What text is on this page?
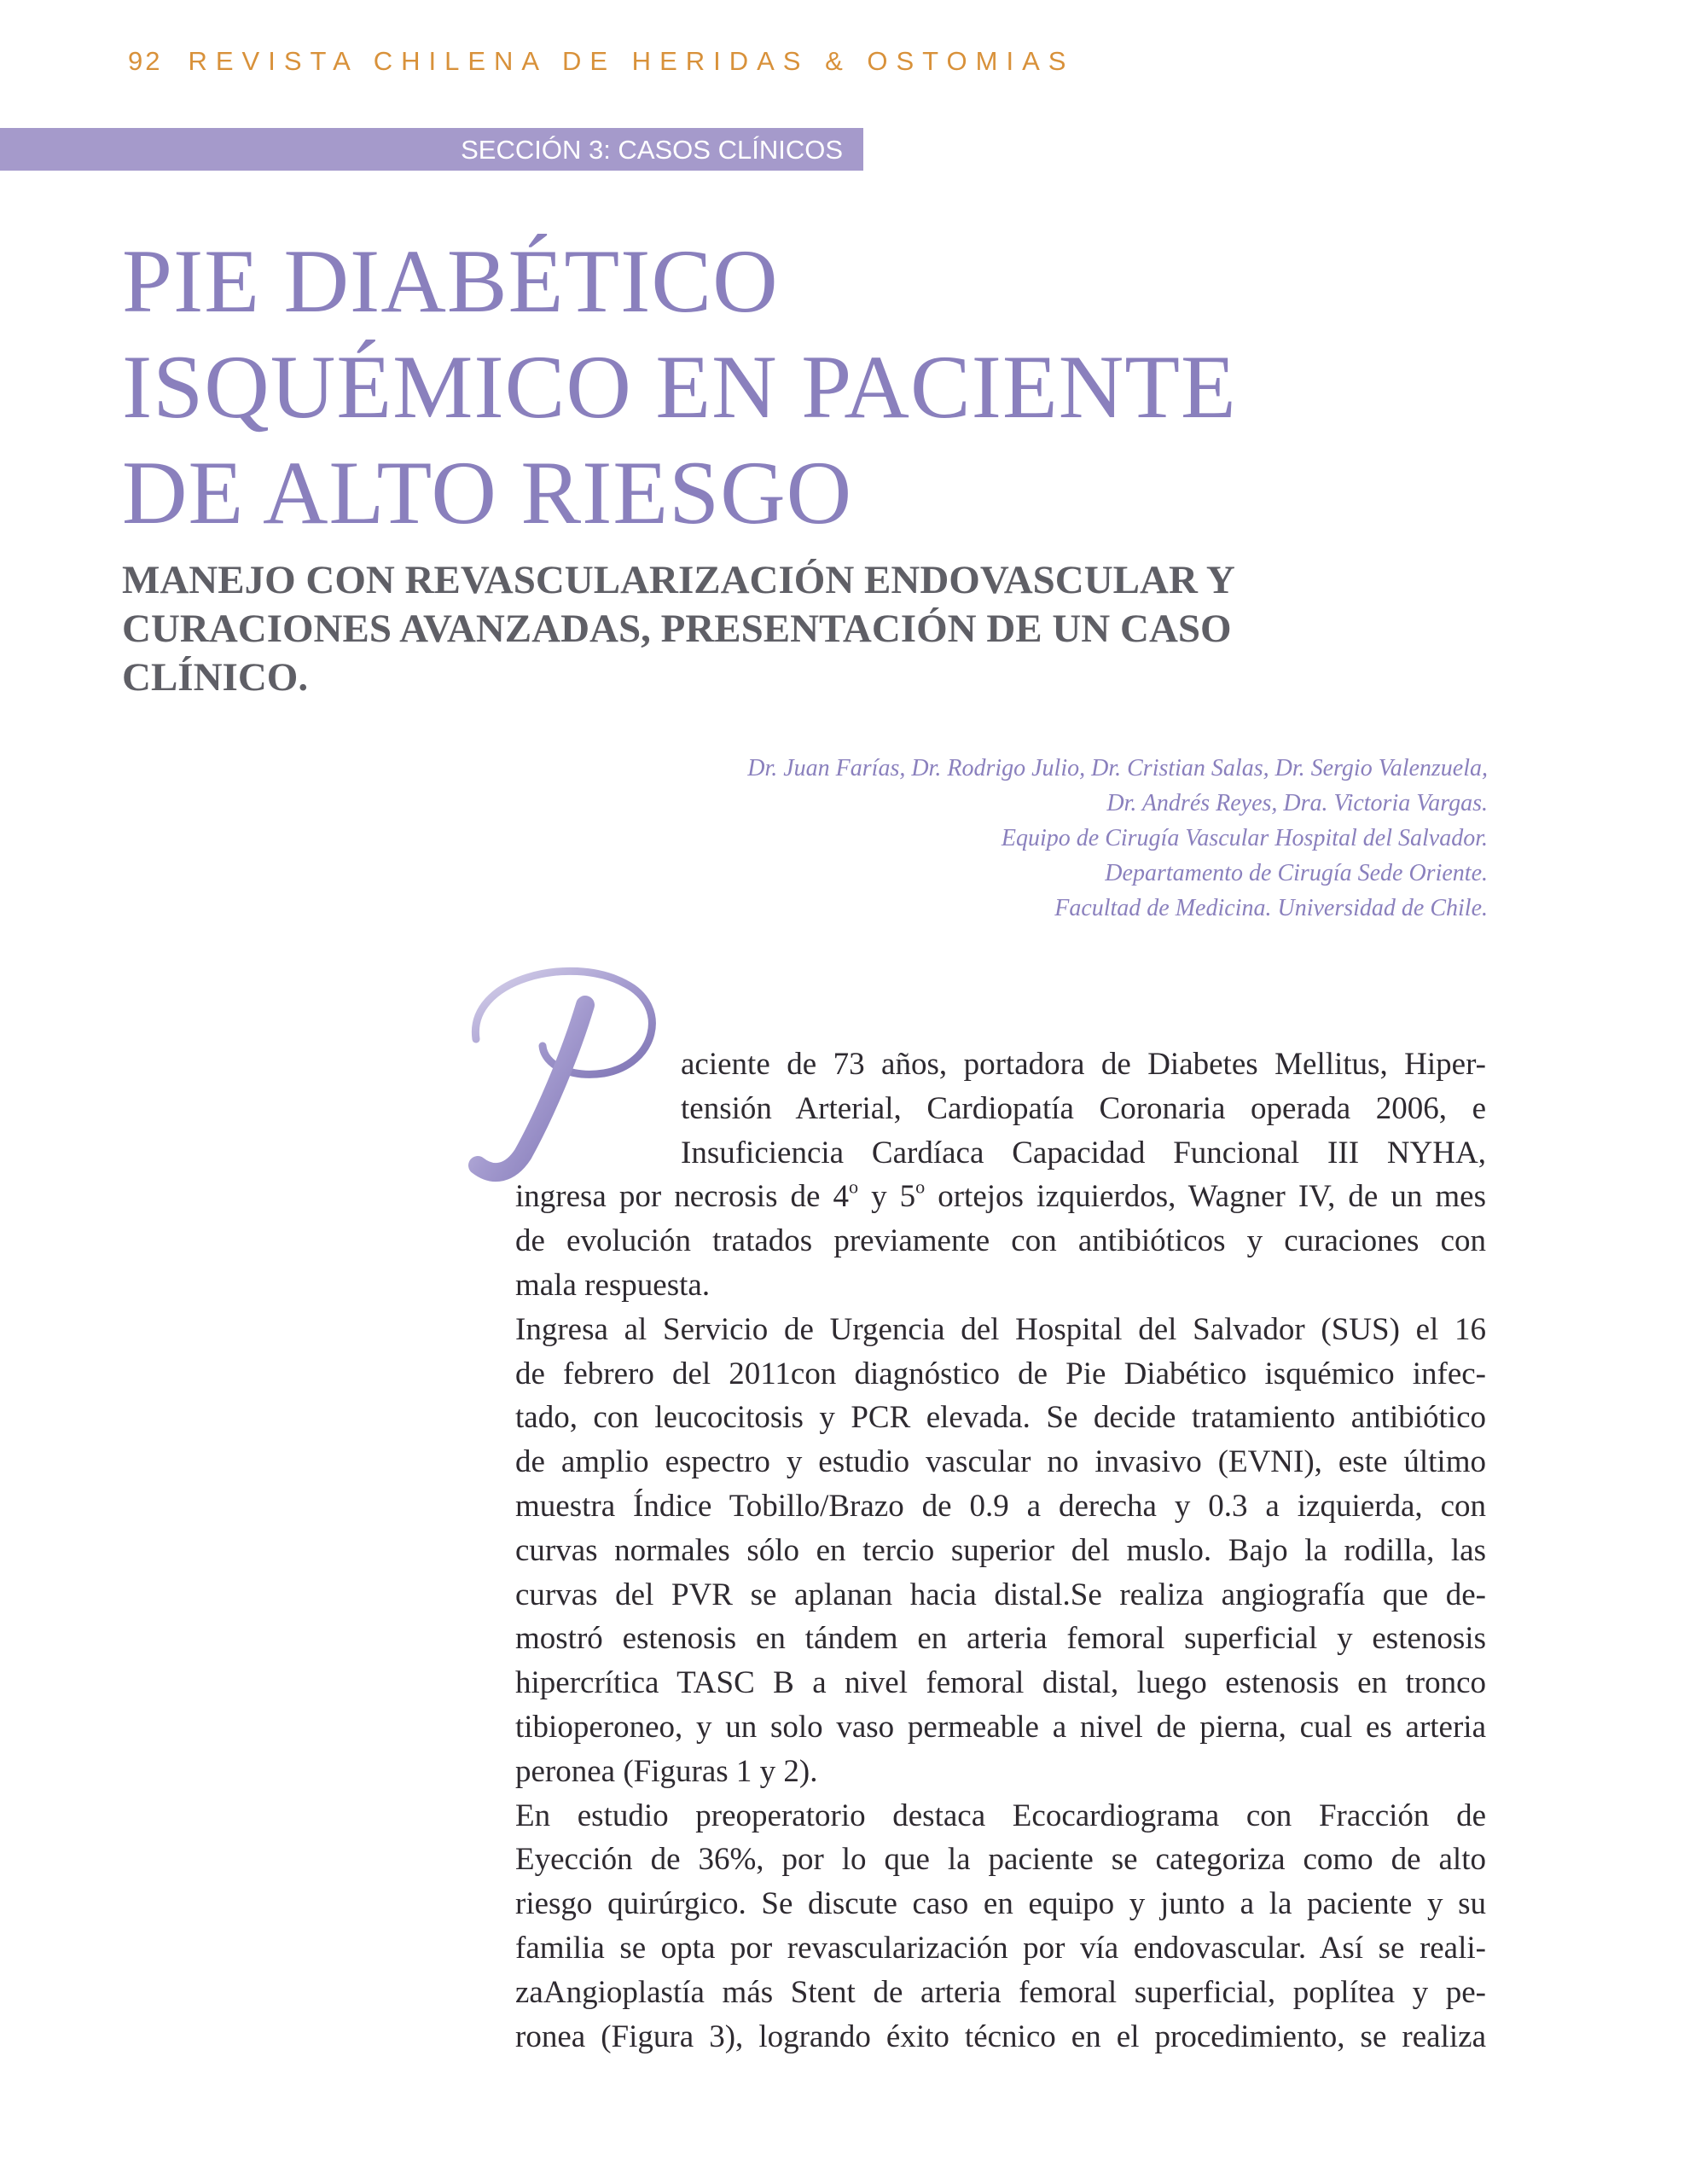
92 REVISTA CHILENA DE HERIDAS & OSTOMIAS
SECCIÓN 3: CASOS CLÍNICOS
PIE DIABÉTICO
ISQUÉMICO EN PACIENTE
DE ALTO RIESGO
MANEJO CON REVASCULARIZACIÓN ENDOVASCULAR Y
CURACIONES AVANZADAS, PRESENTACIÓN DE UN CASO
CLÍNICO.
Dr. Juan Farías, Dr. Rodrigo Julio, Dr. Cristian Salas, Dr. Sergio Valenzuela,
Dr. Andrés Reyes, Dra. Victoria Vargas.
Equipo de Cirugía Vascular Hospital del Salvador.
Departamento de Cirugía Sede Oriente.
Facultad de Medicina. Universidad de Chile.
aciente de 73 años, portadora de Diabetes Mellitus, Hiper-
tensión Arterial, Cardiopatía Coronaria operada 2006, e
Insuficiencia Cardíaca Capacidad Funcional III NYHA,
ingresa por necrosis de 4$^o$ y 5$^o$ ortejos izquierdos, Wagner IV, de un mes
de evolución tratados previamente con antibióticos y curaciones con
mala respuesta.
Ingresa al Servicio de Urgencia del Hospital del Salvador (SUS) el 16
de febrero del 2011con diagnóstico de Pie Diabético isquémico infec-
tado, con leucocitosis y PCR elevada. Se decide tratamiento antibiótico
de amplio espectro y estudio vascular no invasivo (EVNI), este último
muestra Índice Tobillo/Brazo de 0.9 a derecha y 0.3 a izquierda, con
curvas normales sólo en tercio superior del muslo. Bajo la rodilla, las
curvas del PVR se aplanan hacia distal.Se realiza angiografía que de-
mostró estenosis en tándem en arteria femoral superficial y estenosis
hipercrítica TASC B a nivel femoral distal, luego estenosis en tronco
tibioperoneo, y un solo vaso permeable a nivel de pierna, cual es arteria
peronea (Figuras 1 y 2).
En estudio preoperatorio destaca Ecocardiograma con Fracción de
Eyección de 36%, por lo que la paciente se categoriza como de alto
riesgo quirúrgico. Se discute caso en equipo y junto a la paciente y su
familia se opta por revascularización por vía endovascular. Así se reali-
zaAngioplastía más Stent de arteria femoral superficial, poplítea y pe-
ronea (Figura 3), logrando éxito técnico en el procedimiento, se realiza
